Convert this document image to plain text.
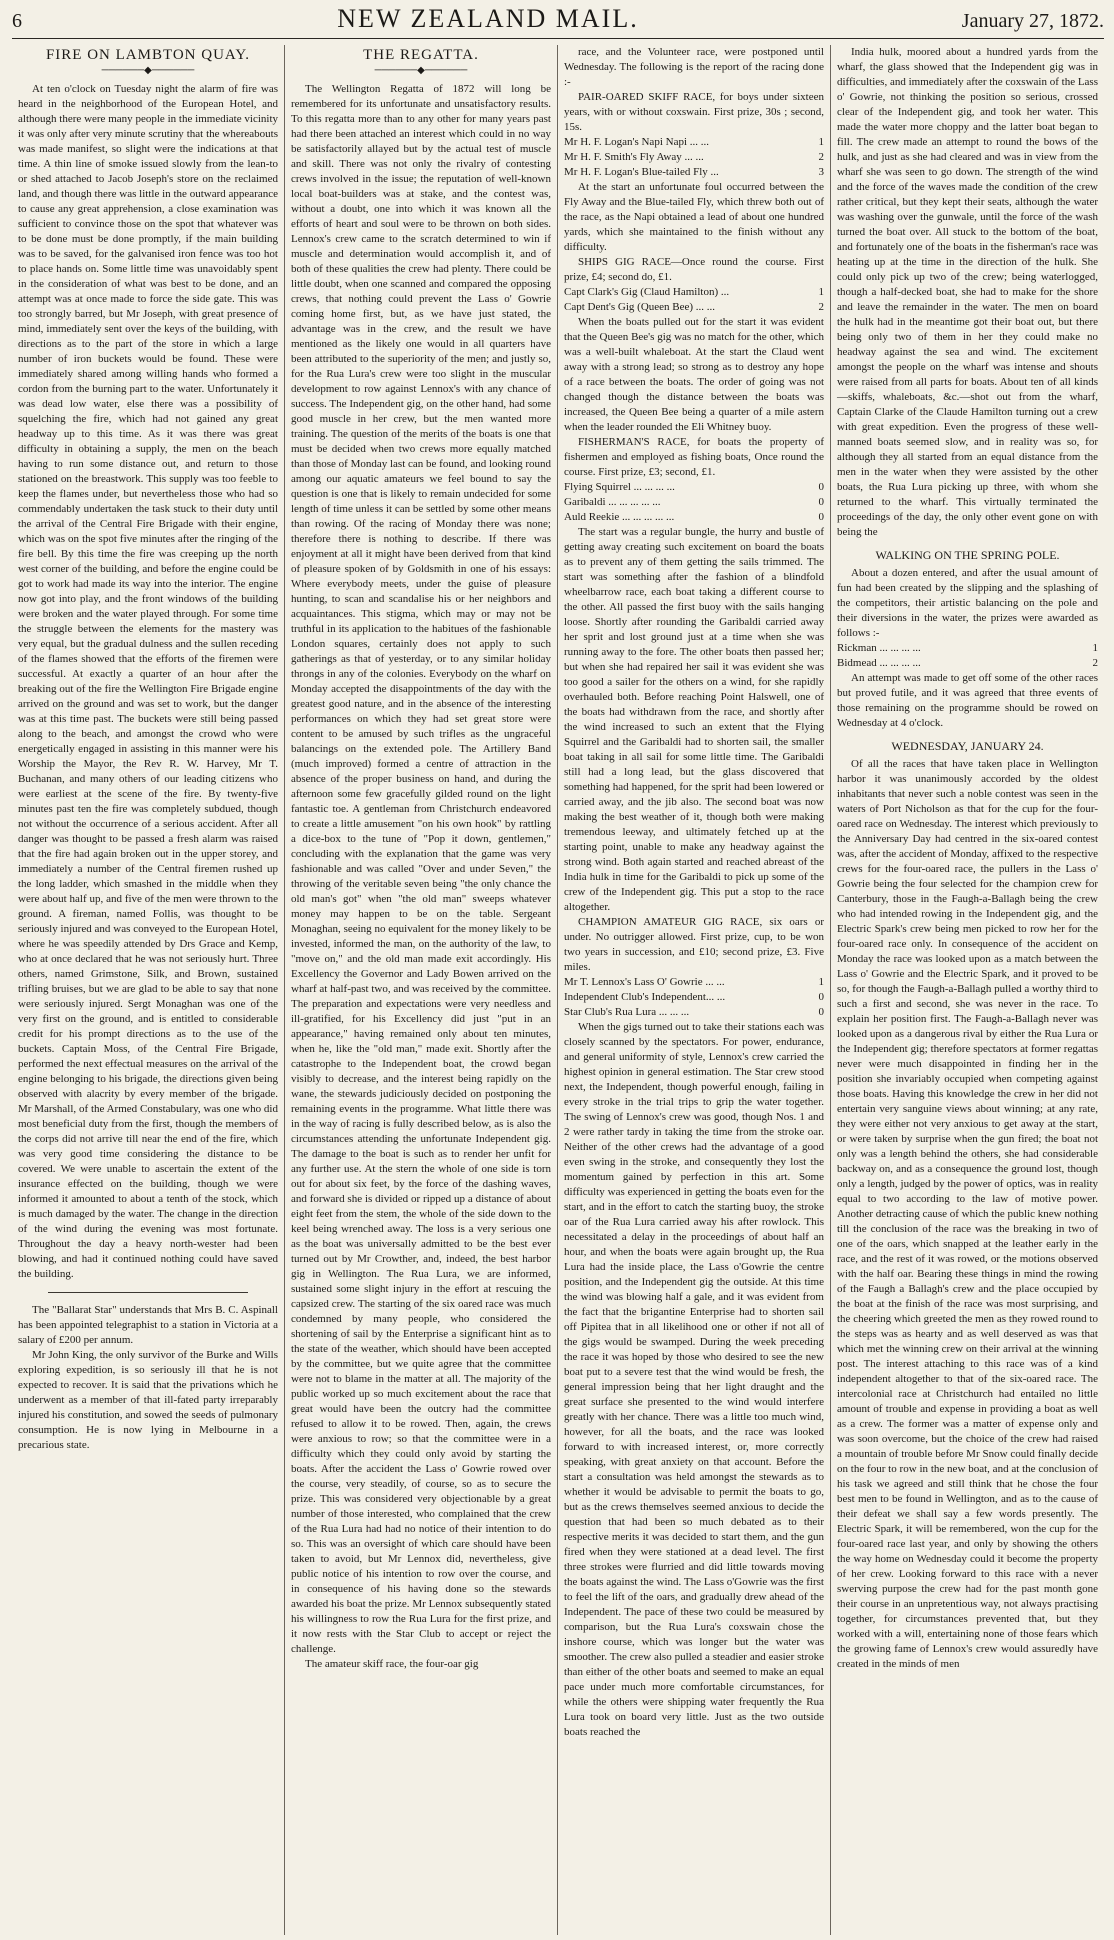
6	NEW ZEALAND MAIL.	January 27, 1872.
FIRE ON LAMBTON QUAY.
──────◆──────

At ten o'clock on Tuesday night the alarm of fire was heard in the neighborhood of the European Hotel, and although there were many people in the immediate vicinity it was only after very minute scrutiny that the whereabouts was made manifest, so slight were the indications at that time. A thin line of smoke issued slowly from the lean-to or shed attached to Jacob Joseph's store on the reclaimed land, and though there was little in the outward appearance to cause any great apprehension, a close examination was sufficient to convince those on the spot that whatever was to be done must be done promptly, if the main building was to be saved, for the galvanised iron fence was too hot to place hands on. Some little time was unavoidably spent in the consideration of what was best to be done, and an attempt was at once made to force the side gate. This was too strongly barred, but Mr Joseph, with great presence of mind, immediately sent over the keys of the building, with directions as to the part of the store in which a large number of iron buckets would be found. These were immediately shared among willing hands who formed a cordon from the burning part to the water. Unfortunately it was dead low water, else there was a possibility of squelching the fire, which had not gained any great headway up to this time. As it was there was great difficulty in obtaining a supply, the men on the beach having to run some distance out, and return to those stationed on the breastwork. This supply was too feeble to keep the flames under, but nevertheless those who had so commendably undertaken the task stuck to their duty until the arrival of the Central Fire Brigade with their engine, which was on the spot five minutes after the ringing of the fire bell. By this time the fire was creeping up the north west corner of the building, and before the engine could be got to work had made its way into the interior. The engine now got into play, and the front windows of the building were broken and the water played through. For some time the struggle between the elements for the mastery was very equal, but the gradual dulness and the sullen receding of the flames showed that the efforts of the firemen were successful. At exactly a quarter of an hour after the breaking out of the fire the Wellington Fire Brigade engine arrived on the ground and was set to work, but the danger was at this time past. The buckets were still being passed along to the beach, and amongst the crowd who were energetically engaged in assisting in this manner were his Worship the Mayor, the Rev R. W. Harvey, Mr T. Buchanan, and many others of our leading citizens who were earliest at the scene of the fire. By twenty-five minutes past ten the fire was completely subdued, though not without the occurrence of a serious accident. After all danger was thought to be passed a fresh alarm was raised that the fire had again broken out in the upper storey, and immediately a number of the Central firemen rushed up the long ladder, which smashed in the middle when they were about half up, and five of the men were thrown to the ground. A fireman, named Follis, was thought to be seriously injured and was conveyed to the European Hotel, where he was speedily attended by Drs Grace and Kemp, who at once declared that he was not seriously hurt. Three others, named Grimstone, Silk, and Brown, sustained trifling bruises, but we are glad to be able to say that none were seriously injured. Sergt Monaghan was one of the very first on the ground, and is entitled to considerable credit for his prompt directions as to the use of the buckets. Captain Moss, of the Central Fire Brigade, performed the next effectual measures on the arrival of the engine belonging to his brigade, the directions given being observed with alacrity by every member of the brigade. Mr Marshall, of the Armed Constabulary, was one who did most beneficial duty from the first, though the members of the corps did not arrive till near the end of the fire, which was very good time considering the distance to be covered. We were unable to ascertain the extent of the insurance effected on the building, though we were informed it amounted to about a tenth of the stock, which is much damaged by the water. The change in the direction of the wind during the evening was most fortunate. Throughout the day a heavy north-wester had been blowing, and had it continued nothing could have saved the building.

The "Ballarat Star" understands that Mrs B. C. Aspinall has been appointed telegraphist to a station in Victoria at a salary of £200 per annum.

Mr John King, the only survivor of the Burke and Wills exploring expedition, is so seriously ill that he is not expected to recover. It is said that the privations which he underwent as a member of that ill-fated party irreparably injured his constitution, and sowed the seeds of pulmonary consumption. He is now lying in Melbourne in a precarious state.

THE REGATTA.
──────◆──────

The Wellington Regatta of 1872 will long be remembered for its unfortunate and unsatisfactory results. To this regatta more than to any other for many years past had there been attached an interest which could in no way be satisfactorily allayed but by the actual test of muscle and skill. There was not only the rivalry of contesting crews involved in the issue; the reputation of well-known local boat-builders was at stake, and the contest was, without a doubt, one into which it was known all the efforts of heart and soul were to be thrown on both sides. Lennox's crew came to the scratch determined to win if muscle and determination would accomplish it, and of both of these qualities the crew had plenty. There could be little doubt, when one scanned and compared the opposing crews, that nothing could prevent the Lass o' Gowrie coming home first, but, as we have just stated, the advantage was in the crew, and the result we have mentioned as the likely one would in all quarters have been attributed to the superiority of the men; and justly so, for the Rua Lura's crew were too slight in the muscular development to row against Lennox's with any chance of success. The Independent gig, on the other hand, had some good muscle in her crew, but the men wanted more training. The question of the merits of the boats is one that must be decided when two crews more equally matched than those of Monday last can be found, and looking round among our aquatic amateurs we feel bound to say the question is one that is likely to remain undecided for some length of time unless it can be settled by some other means than rowing. Of the racing of Monday there was none; therefore there is nothing to describe. If there was enjoyment at all it might have been derived from that kind of pleasure spoken of by Goldsmith in one of his essays: Where everybody meets, under the guise of pleasure hunting, to scan and scandalise his or her neighbors and acquaintances. This stigma, which may or may not be truthful in its application to the habitues of the fashionable London squares, certainly does not apply to such gatherings as that of yesterday, or to any similar holiday throngs in any of the colonies. Everybody on the wharf on Monday accepted the disappointments of the day with the greatest good nature, and in the absence of the interesting performances on which they had set great store were content to be amused by such trifles as the ungraceful balancings on the extended pole. The Artillery Band (much improved) formed a centre of attraction in the absence of the proper business on hand, and during the afternoon some few gracefully gilded round on the light fantastic toe. A gentleman from Christchurch endeavored to create a little amusement "on his own hook" by rattling a dice-box to the tune of "Pop it down, gentlemen," concluding with the explanation that the game was very fashionable and was called "Over and under Seven," the throwing of the veritable seven being "the only chance the old man's got" when "the old man" sweeps whatever money may happen to be on the table. Sergeant Monaghan, seeing no equivalent for the money likely to be invested, informed the man, on the authority of the law, to "move on," and the old man made exit accordingly. His Excellency the Governor and Lady Bowen arrived on the wharf at half-past two, and was received by the committee. The preparation and expectations were very needless and ill-gratified, for his Excellency did just "put in an appearance," having remained only about ten minutes, when he, like the "old man," made exit. Shortly after the catastrophe to the Independent boat, the crowd began visibly to decrease, and the interest being rapidly on the wane, the stewards judiciously decided on postponing the remaining events in the programme. What little there was in the way of racing is fully described below, as is also the circumstances attending the unfortunate Independent gig. The damage to the boat is such as to render her unfit for any further use. At the stern the whole of one side is torn out for about six feet, by the force of the dashing waves, and forward she is divided or ripped up a distance of about eight feet from the stem, the whole of the side down to the keel being wrenched away. The loss is a very serious one as the boat was universally admitted to be the best ever turned out by Mr Crowther, and, indeed, the best harbor gig in Wellington. The Rua Lura, we are informed, sustained some slight injury in the effort at rescuing the capsized crew. The starting of the six oared race was much condemned by many people, who considered the shortening of sail by the Enterprise a significant hint as to the state of the weather, which should have been accepted by the committee, but we quite agree that the committee were not to blame in the matter at all. The majority of the public worked up so much excitement about the race that great would have been the outcry had the committee refused to allow it to be rowed. Then, again, the crews were anxious to row; so that the committee were in a difficulty which they could only avoid by starting the boats. After the accident the Lass o' Gowrie rowed over the course, very steadily, of course, so as to secure the prize. This was considered very objectionable by a great number of those interested, who complained that the crew of the Rua Lura had had no notice of their intention to do so. This was an oversight of which care should have been taken to avoid, but Mr Lennox did, nevertheless, give public notice of his intention to row over the course, and in consequence of his having done so the stewards awarded his boat the prize. Mr Lennox subsequently stated his willingness to row the Rua Lura for the first prize, and it now rests with the Star Club to accept or reject the challenge.

The amateur skiff race, the four-oar gig

race, and the Volunteer race, were postponed until Wednesday. The following is the report of the racing done :-

PAIR-OARED SKIFF RACE, for boys under sixteen years, with or without coxswain. First prize, 30s ; second, 15s.

Mr H. F. Logan's Napi Napi ... ...	1
Mr H. F. Smith's Fly Away ... ...	2
Mr H. F. Logan's Blue-tailed Fly ...	3

At the start an unfortunate foul occurred between the Fly Away and the Blue-tailed Fly, which threw both out of the race, as the Napi obtained a lead of about one hundred yards, which she maintained to the finish without any difficulty.

SHIPS GIG RACE—Once round the course. First prize, £4; second do, £1.

Capt Clark's Gig (Claud Hamilton) ...	1
Capt Dent's Gig (Queen Bee) ... ...	2

When the boats pulled out for the start it was evident that the Queen Bee's gig was no match for the other, which was a well-built whaleboat. At the start the Claud went away with a strong lead; so strong as to destroy any hope of a race between the boats. The order of going was not changed though the distance between the boats was increased, the Queen Bee being a quarter of a mile astern when the leader rounded the Eli Whitney buoy.

FISHERMAN'S RACE, for boats the property of fishermen and employed as fishing boats, Once round the course. First prize, £3; second, £1.

Flying Squirrel ... ... ... ...	0
Garibaldi ... ... ... ... ...	0
Auld Reekie ... ... ... ... ...	0

The start was a regular bungle, the hurry and bustle of getting away creating such excitement on board the boats as to prevent any of them getting the sails trimmed. The start was something after the fashion of a blindfold wheelbarrow race, each boat taking a different course to the other. All passed the first buoy with the sails hanging loose. Shortly after rounding the Garibaldi carried away her sprit and lost ground just at a time when she was running away to the fore. The other boats then passed her; but when she had repaired her sail it was evident she was too good a sailer for the others on a wind, for she rapidly overhauled both. Before reaching Point Halswell, one of the boats had withdrawn from the race, and shortly after the wind increased to such an extent that the Flying Squirrel and the Garibaldi had to shorten sail, the smaller boat taking in all sail for some little time. The Garibaldi still had a long lead, but the glass discovered that something had happened, for the sprit had been lowered or carried away, and the jib also. The second boat was now making the best weather of it, though both were making tremendous leeway, and ultimately fetched up at the starting point, unable to make any headway against the strong wind. Both again started and reached abreast of the India hulk in time for the Garibaldi to pick up some of the crew of the Independent gig. This put a stop to the race altogether.

CHAMPION AMATEUR GIG RACE, six oars or under. No outrigger allowed. First prize, cup, to be won two years in succession, and £10; second prize, £3. Five miles.

Mr T. Lennox's Lass O' Gowrie ... ...	1
Independent Club's Independent... ...	0
Star Club's Rua Lura ... ... ...	0

When the gigs turned out to take their stations each was closely scanned by the spectators. For power, endurance, and general uniformity of style, Lennox's crew carried the highest opinion in general estimation. The Star crew stood next, the Independent, though powerful enough, failing in every stroke in the trial trips to grip the water together. The swing of Lennox's crew was good, though Nos. 1 and 2 were rather tardy in taking the time from the stroke oar. Neither of the other crews had the advantage of a good even swing in the stroke, and consequently they lost the momentum gained by perfection in this art. Some difficulty was experienced in getting the boats even for the start, and in the effort to catch the starting buoy, the stroke oar of the Rua Lura carried away his after rowlock. This necessitated a delay in the proceedings of about half an hour, and when the boats were again brought up, the Rua Lura had the inside place, the Lass o'Gowrie the centre position, and the Independent gig the outside. At this time the wind was blowing half a gale, and it was evident from the fact that the brigantine Enterprise had to shorten sail off Pipitea that in all likelihood one or other if not all of the gigs would be swamped. During the week preceding the race it was hoped by those who desired to see the new boat put to a severe test that the wind would be fresh, the general impression being that her light draught and the great surface she presented to the wind would interfere greatly with her chance. There was a little too much wind, however, for all the boats, and the race was looked forward to with increased interest, or, more correctly speaking, with great anxiety on that account. Before the start a consultation was held amongst the stewards as to whether it would be advisable to permit the boats to go, but as the crews themselves seemed anxious to decide the question that had been so much debated as to their respective merits it was decided to start them, and the gun fired when they were stationed at a dead level. The first three strokes were flurried and did little towards moving the boats against the wind. The Lass o'Gowrie was the first to feel the lift of the oars, and gradually drew ahead of the Independent. The pace of these two could be measured by comparison, but the Rua Lura's coxswain chose the inshore course, which was longer but the water was smoother. The crew also pulled a steadier and easier stroke than either of the other boats and seemed to make an equal pace under much more comfortable circumstances, for while the others were shipping water frequently the Rua Lura took on board very little. Just as the two outside boats reached the

India hulk, moored about a hundred yards from the wharf, the glass showed that the Independent gig was in difficulties, and immediately after the coxswain of the Lass o' Gowrie, not thinking the position so serious, crossed clear of the Independent gig, and took her water. This made the water more choppy and the latter boat began to fill. The crew made an attempt to round the bows of the hulk, and just as she had cleared and was in view from the wharf she was seen to go down. The strength of the wind and the force of the waves made the condition of the crew rather critical, but they kept their seats, although the water was washing over the gunwale, until the force of the wash turned the boat over. All stuck to the bottom of the boat, and fortunately one of the boats in the fisherman's race was heating up at the time in the direction of the hulk. She could only pick up two of the crew; being waterlogged, though a half-decked boat, she had to make for the shore and leave the remainder in the water. The men on board the hulk had in the meantime got their boat out, but there being only two of them in her they could make no headway against the sea and wind. The excitement amongst the people on the wharf was intense and shouts were raised from all parts for boats. About ten of all kinds—skiffs, whaleboats, &c.—shot out from the wharf, Captain Clarke of the Claude Hamilton turning out a crew with great expedition. Even the progress of these well-manned boats seemed slow, and in reality was so, for although they all started from an equal distance from the men in the water when they were assisted by the other boats, the Rua Lura picking up three, with whom she returned to the wharf. This virtually terminated the proceedings of the day, the only other event gone on with being the

WALKING ON THE SPRING POLE.

About a dozen entered, and after the usual amount of fun had been created by the slipping and the splashing of the competitors, their artistic balancing on the pole and their diversions in the water, the prizes were awarded as follows :-

Rickman ... ... ... ...	1
Bidmead ... ... ... ...	2

An attempt was made to get off some of the other races but proved futile, and it was agreed that three events of those remaining on the programme should be rowed on Wednesday at 4 o'clock.

WEDNESDAY, JANUARY 24.

Of all the races that have taken place in Wellington harbor it was unanimously accorded by the oldest inhabitants that never such a noble contest was seen in the waters of Port Nicholson as that for the cup for the four-oared race on Wednesday. The interest which previously to the Anniversary Day had centred in the six-oared contest was, after the accident of Monday, affixed to the respective crews for the four-oared race, the pullers in the Lass o' Gowrie being the four selected for the champion crew for Canterbury, those in the Faugh-a-Ballagh being the crew who had intended rowing in the Independent gig, and the Electric Spark's crew being men picked to row her for the four-oared race only. In consequence of the accident on Monday the race was looked upon as a match between the Lass o' Gowrie and the Electric Spark, and it proved to be so, for though the Faugh-a-Ballagh pulled a worthy third to such a first and second, she was never in the race. To explain her position first. The Faugh-a-Ballagh never was looked upon as a dangerous rival by either the Rua Lura or the Independent gig; therefore spectators at former regattas never were much disappointed in finding her in the position she invariably occupied when competing against those boats. Having this knowledge the crew in her did not entertain very sanguine views about winning; at any rate, they were either not very anxious to get away at the start, or were taken by surprise when the gun fired; the boat not only was a length behind the others, she had considerable backway on, and as a consequence the ground lost, though only a length, judged by the power of optics, was in reality equal to two according to the law of motive power. Another detracting cause of which the public knew nothing till the conclusion of the race was the breaking in two of one of the oars, which snapped at the leather early in the race, and the rest of it was rowed, or the motions observed with the half oar. Bearing these things in mind the rowing of the Faugh a Ballagh's crew and the place occupied by the boat at the finish of the race was most surprising, and the cheering which greeted the men as they rowed round to the steps was as hearty and as well deserved as was that which met the winning crew on their arrival at the winning post. The interest attaching to this race was of a kind independent altogether to that of the six-oared race. The intercolonial race at Christchurch had entailed no little amount of trouble and expense in providing a boat as well as a crew. The former was a matter of expense only and was soon overcome, but the choice of the crew had raised a mountain of trouble before Mr Snow could finally decide on the four to row in the new boat, and at the conclusion of his task we agreed and still think that he chose the four best men to be found in Wellington, and as to the cause of their defeat we shall say a few words presently. The Electric Spark, it will be remembered, won the cup for the four-oared race last year, and only by showing the others the way home on Wednesday could it become the property of her crew. Looking forward to this race with a never swerving purpose the crew had for the past month gone their course in an unpretentious way, not always practising together, for circumstances prevented that, but they worked with a will, entertaining none of those fears which the growing fame of Lennox's crew would assuredly have created in the minds of men
